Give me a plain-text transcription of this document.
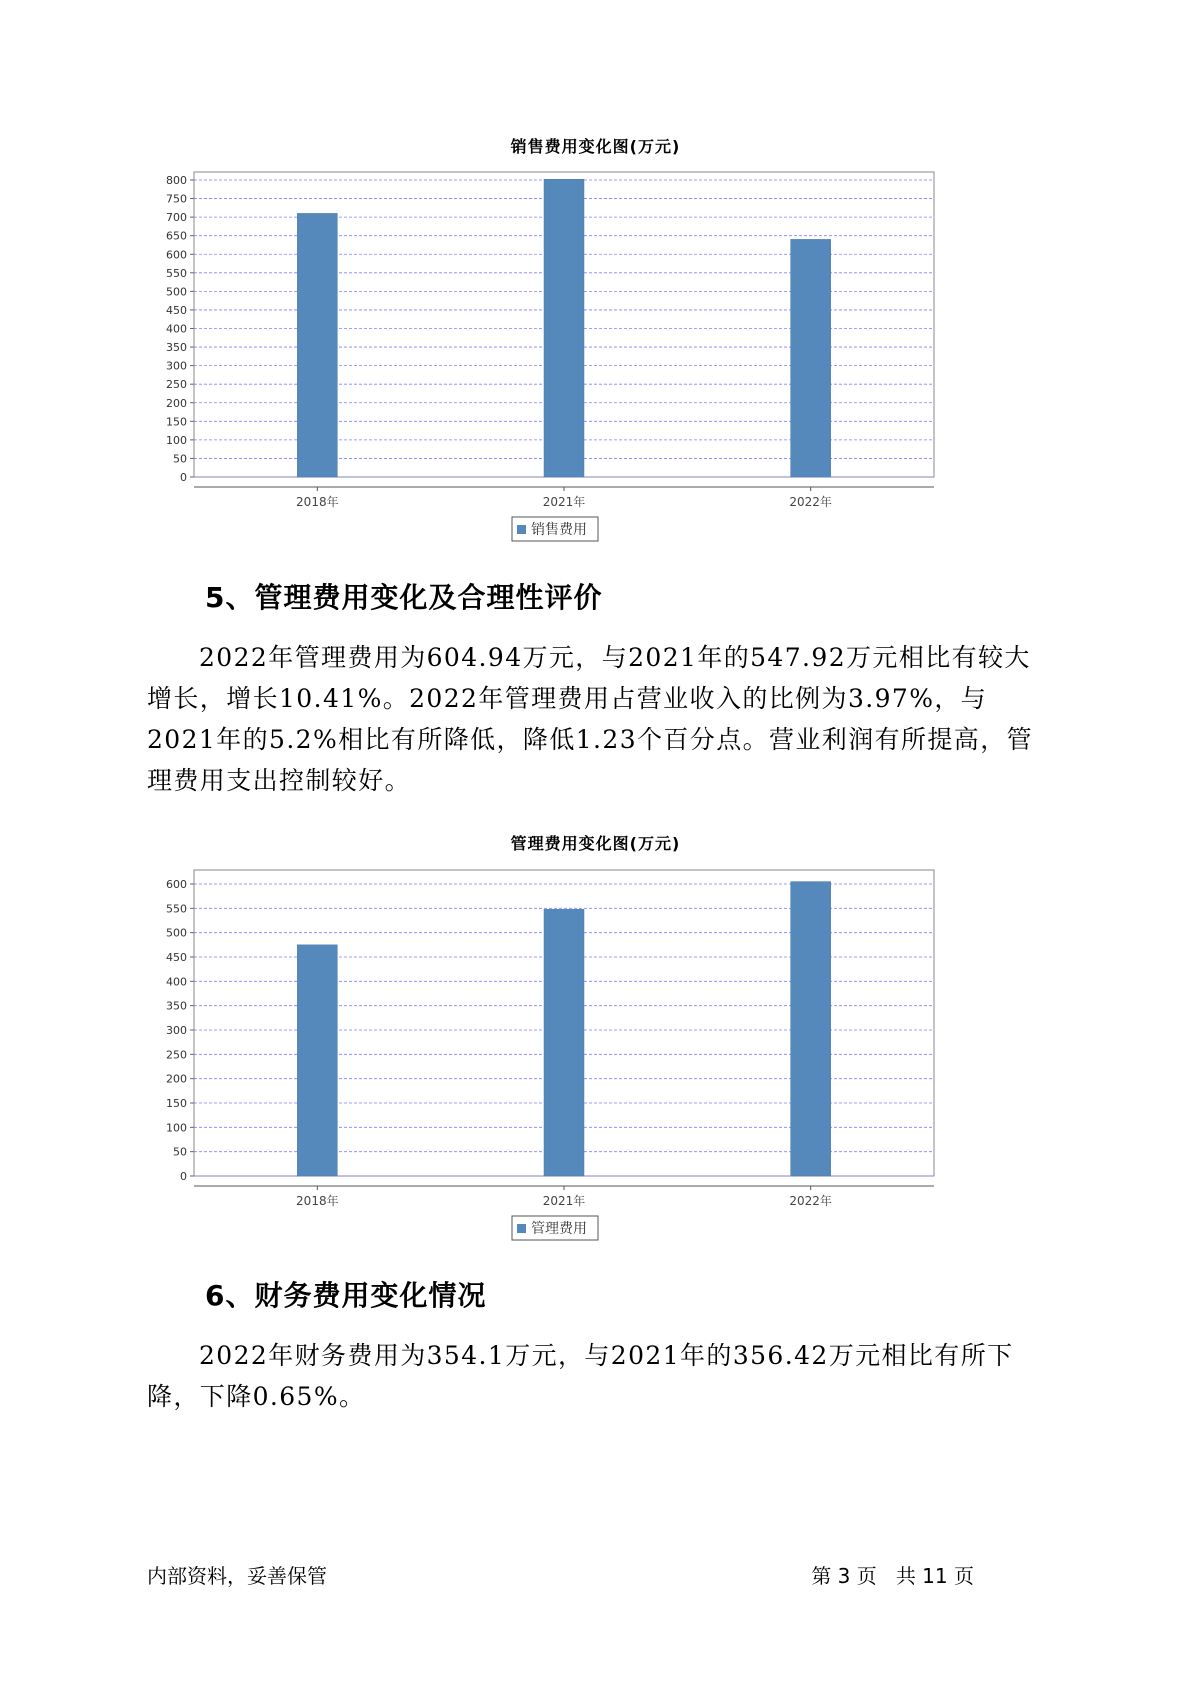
销售费用变化图(万元)
0
50
100
150
200
250
300
350
400
450
500
550
600
650
700
750
800
2018年	2021年	2022年
销售费用
5、管理费用变化及合理性评价

2022年管理费用为604.94万元，与2021年的547.92万元相比有较大增长，增长10.41%。2022年管理费用占营业收入的比例为3.97%，与2021年的5.2%相比有所降低，降低1.23个百分点。营业利润有所提高，管理费用支出控制较好。

管理费用变化图(万元)
0
50
100
150
200
250
300
350
400
450
500
550
600
2018年	2021年	2022年
管理费用
6、财务费用变化情况

2022年财务费用为354.1万元，与2021年的356.42万元相比有所下降，下降0.65%。

内部资料，妥善保管	第 3 页   共 11 页
